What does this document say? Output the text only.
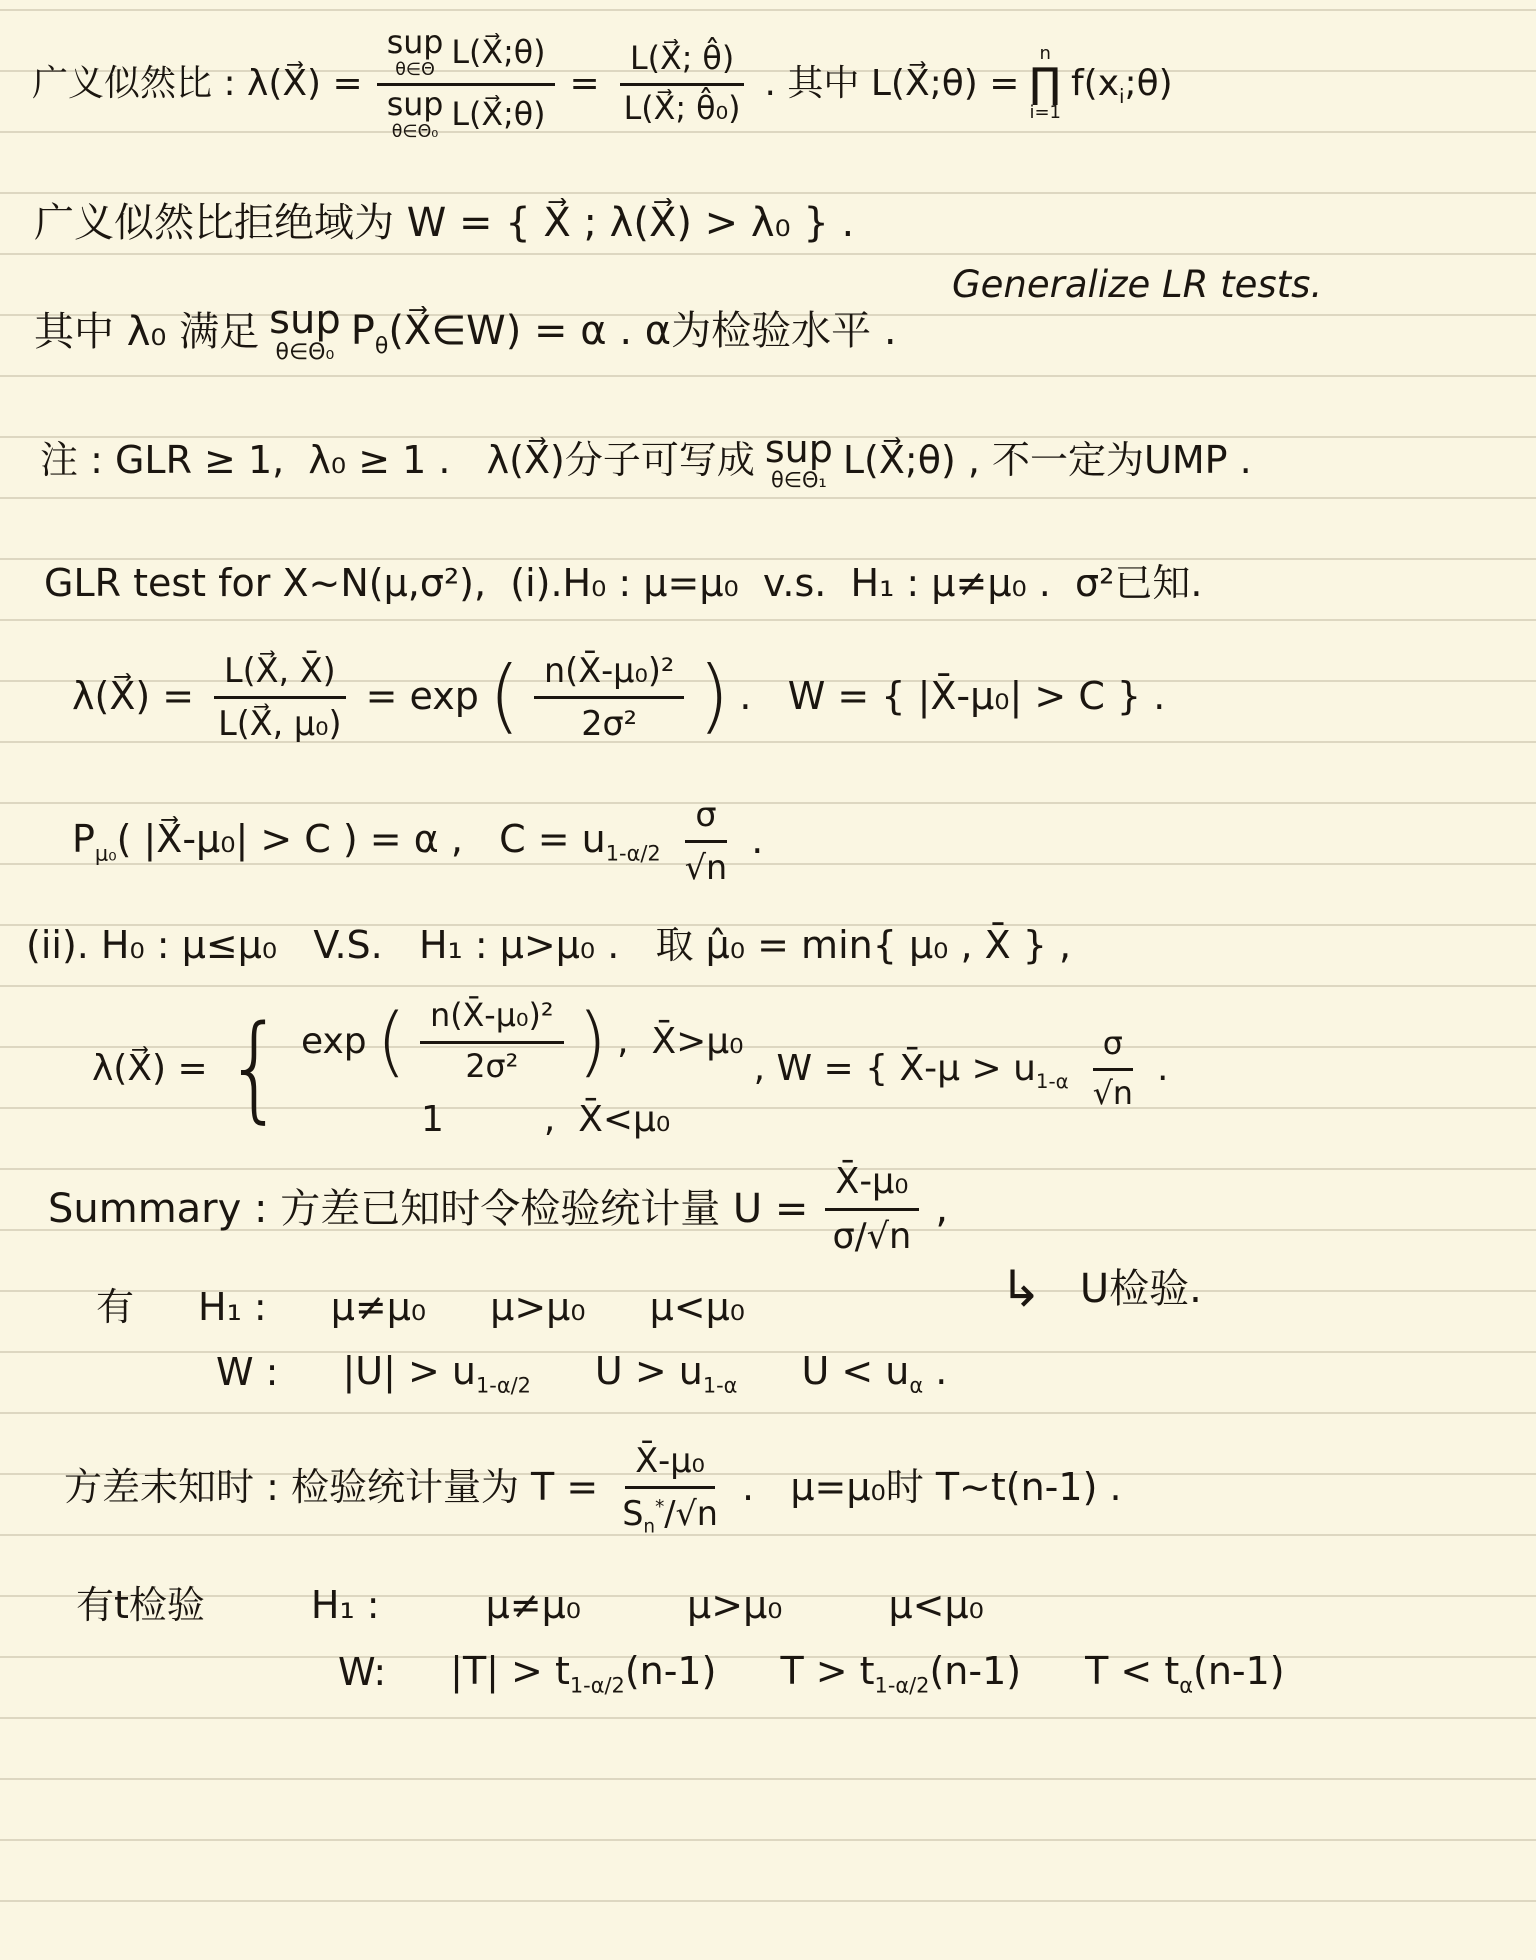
广义似然比 : λ(X⃗) = sup
θ∈Θ L(X⃗;θ)
sup
θ∈Θ₀ L(X⃗;θ) = $\frac{L(X⃗; \thetâ)}{\text{L(X⃗; θ̂₀)}}$ . 其中 L(X⃗;θ) =
n
∏
i=1
$f(x_i;\theta)$
广义似然比拒绝域为 W = { X⃗ ; λ(X⃗) > λ₀ } .
Generalize LR tests.
其中 λ₀ 满足 sup
θ∈Θ₀ $P_\theta(X⃗\in W) = \alpha$ . α为检验水平 .
注 : GLR ≥ 1,  λ₀ ≥ 1 .   λ(X⃗)分子可写成 sup
θ∈Θ₁ L(X⃗;θ) , 不一定为UMP .
GLR test for X~N(μ,σ²),  (i).H₀ : μ=μ₀  v.s.  H₁ : μ≠μ₀ .  σ²已知.
λ(X⃗) = $\frac{L(X⃗, X̄)}{\text{L(X⃗, μ₀)}} = \exp$ ( $\frac{\text{n(X̄-μ₀)²}}{\text{2σ²}}$ ) .   W = { |X̄-μ₀| > C } .
$P_{\mu_0}$( |X⃗-μ₀| > C ) = α ,   $C = u_{1-\alpha/2} \frac{\sigma}{√n}$ .
(ii). H₀ : μ≤μ₀   V.S.   H₁ : μ>μ₀ .   取 μ̂₀ = min{ μ₀ , X̄ } ,
λ(X⃗) = { exp ( $\frac{\text{n(X̄-μ₀)²}}{\text{2σ²}}$ ) ,  X̄>μ₀
1	,  X̄<μ₀
, W = { X̄-μ > $u_{1-\alpha} \frac{\sigma}{√n}$ .
Summary : 方差已知时令检验统计量 $U = \frac{\text{X̄-μ₀}}{\sigma/√n}$ ,
↳ U检验.
有 H₁ : μ≠μ₀ μ>μ₀ μ<μ₀
W : $|U| > u_{1-\alpha/2}$ $U > u_{1-\alpha}$ $U < u_\alpha$ .
方差未知时 : 检验统计量为 $T = \frac{\text{X̄-μ₀}}{S_n^*/√n}$ .   μ=μ₀时 T~t(n-1) .
有t检验	H₁ :	μ≠μ₀	μ>μ₀	μ<μ₀
W: $|T| > t_{1-\alpha/2}(n-1) T > t_{1-\alpha/2}(n-1) T < t_\alpha(n-1)$
